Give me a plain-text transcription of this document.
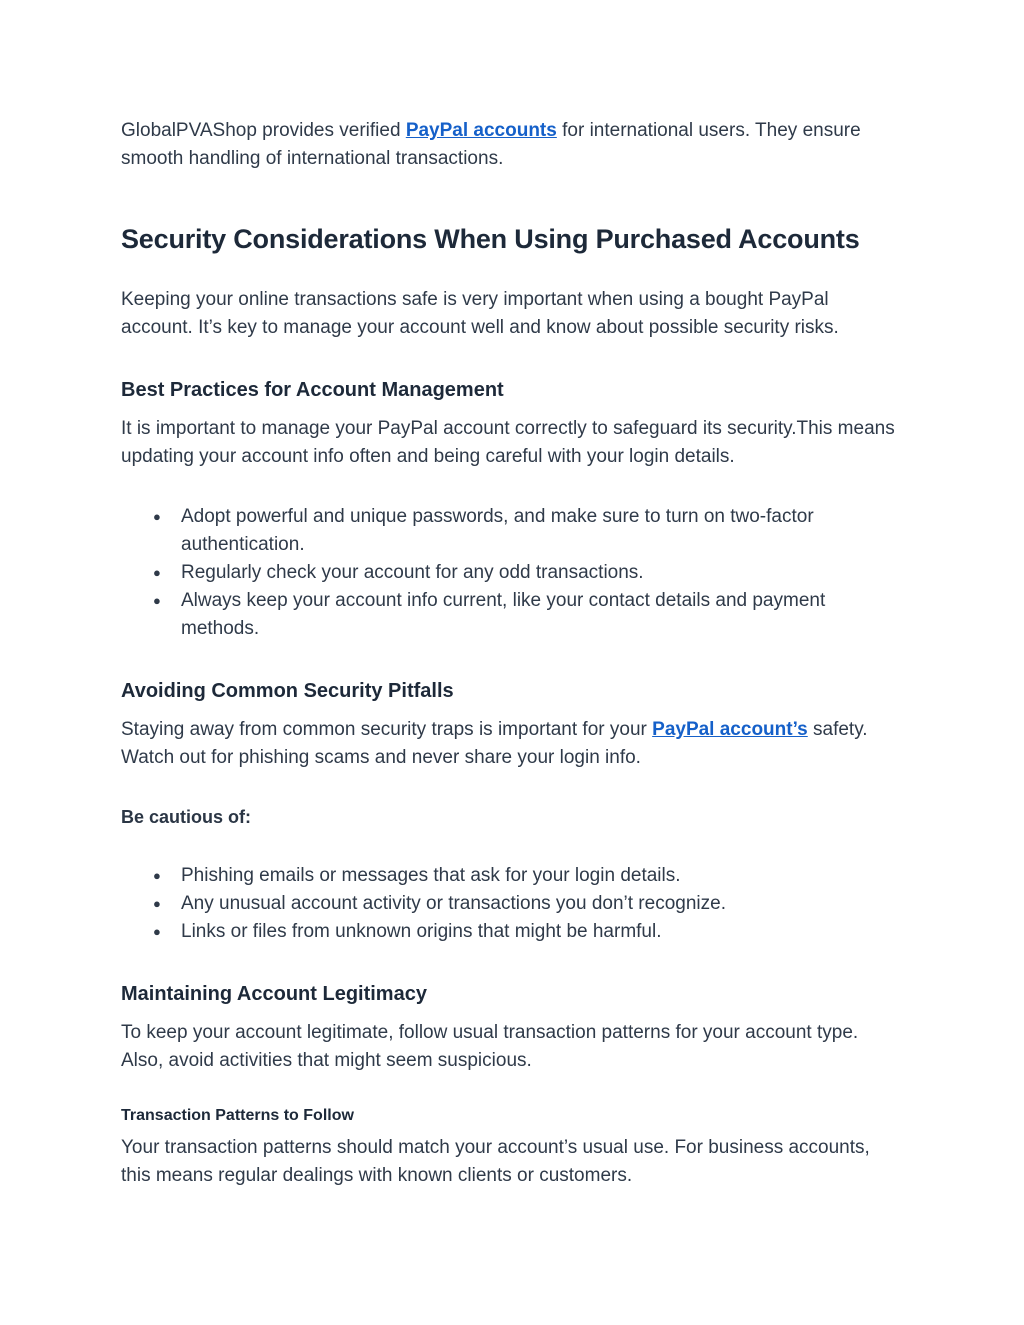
GlobalPVAShop provides verified PayPal accounts for international users. They ensure smooth handling of international transactions.

Security Considerations When Using Purchased Accounts

Keeping your online transactions safe is very important when using a bought PayPal account. It’s key to manage your account well and know about possible security risks.

Best Practices for Account Management

It is important to manage your PayPal account correctly to safeguard its security.This means updating your account info often and being careful with your login details.

● Adopt powerful and unique passwords, and make sure to turn on two-factor authentication.
● Regularly check your account for any odd transactions.
● Always keep your account info current, like your contact details and payment methods.
Avoiding Common Security Pitfalls

Staying away from common security traps is important for your PayPal account’s safety. Watch out for phishing scams and never share your login info.

Be cautious of:

● Phishing emails or messages that ask for your login details.
● Any unusual account activity or transactions you don’t recognize.
● Links or files from unknown origins that might be harmful.
Maintaining Account Legitimacy

To keep your account legitimate, follow usual transaction patterns for your account type. Also, avoid activities that might seem suspicious.

Transaction Patterns to Follow

Your transaction patterns should match your account’s usual use. For business accounts, this means regular dealings with known clients or customers.
